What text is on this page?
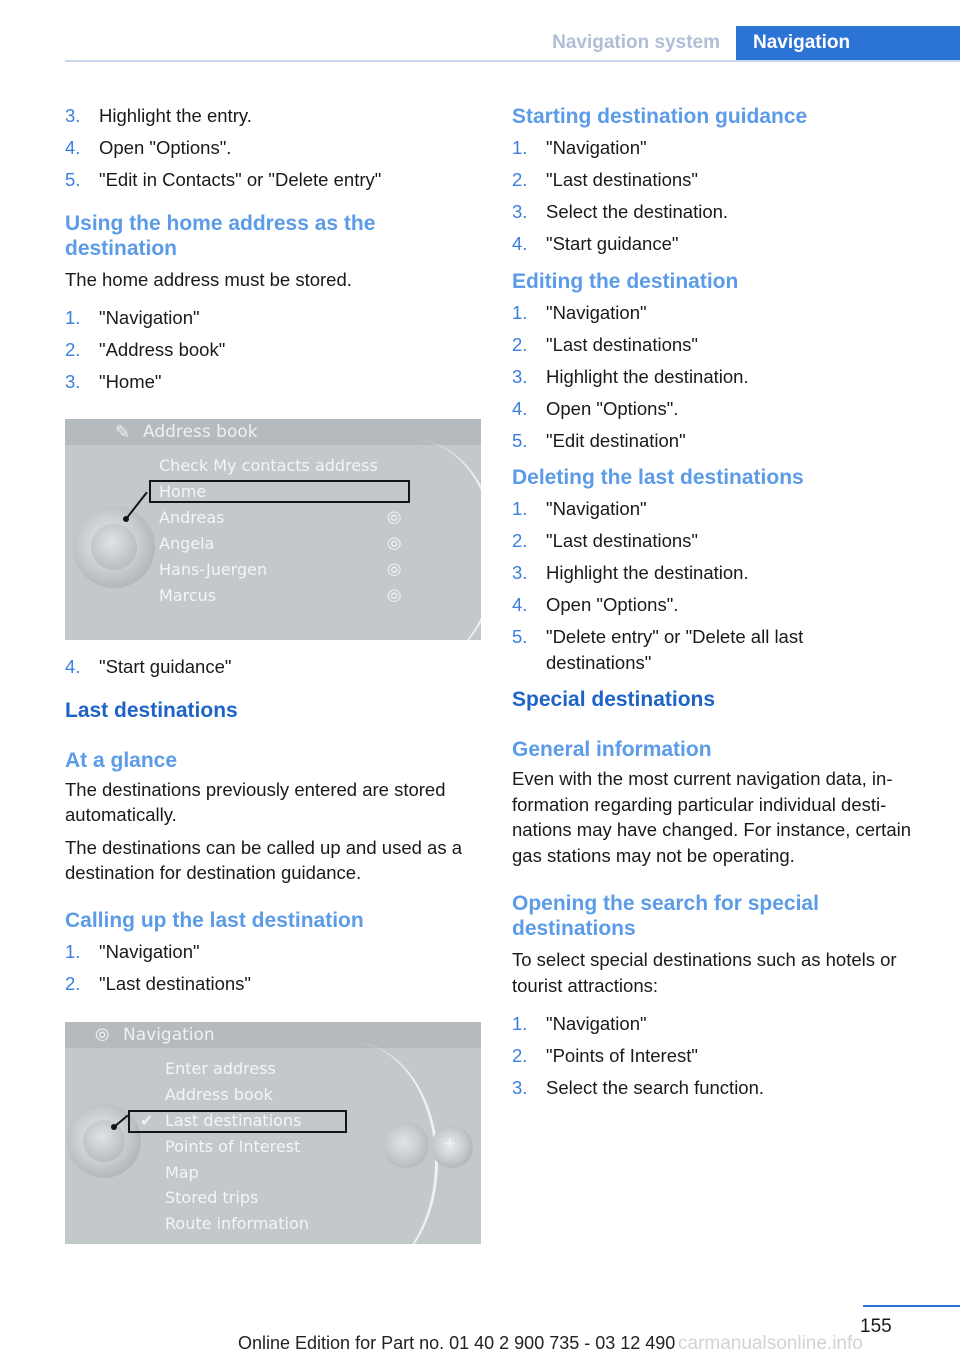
Navigation system	Navigation
3. Highlight the entry.
4. Open "Options".
5. "Edit in Contacts" or "Delete entry"
Using the home address as the destination

The home address must be stored.

1. "Navigation"
2. "Address book"
3. "Home"
✎ Address book
Check My contacts address
Home
Andreas
Angela
Hans-Juergen
Marcus
⦾
⦾
⦾
⦾
4. "Start guidance"
Last destinations
At a glance

The destinations previously entered are stored automatically.

The destinations can be called up and used as a destination for destination guidance.

Calling up the last destination
1. "Navigation"
2. "Last destinations"
⦾ Navigation
+
Enter address
Address book
✔ Last destinations
Points of Interest
Map
Stored trips
Route information
Starting destination guidance
1. "Navigation"
2. "Last destinations"
3. Select the destination.
4. "Start guidance"
Editing the destination
1. "Navigation"
2. "Last destinations"
3. Highlight the destination.
4. Open "Options".
5. "Edit destination"
Deleting the last destinations
1. "Navigation"
2. "Last destinations"
3. Highlight the destination.
4. Open "Options".
5. "Delete entry" or "Delete all last destinations"
Special destinations
General information

Even with the most current navigation data, information regarding particular individual destinations may have changed. For instance, certain gas stations may not be operating.

Opening the search for special destinations

To select special destinations such as hotels or tourist attractions:

1. "Navigation"
2. "Points of Interest"
3. Select the search function.
155
Online Edition for Part no. 01 40 2 900 735 - 03 12 490 carmanualsonline.info
